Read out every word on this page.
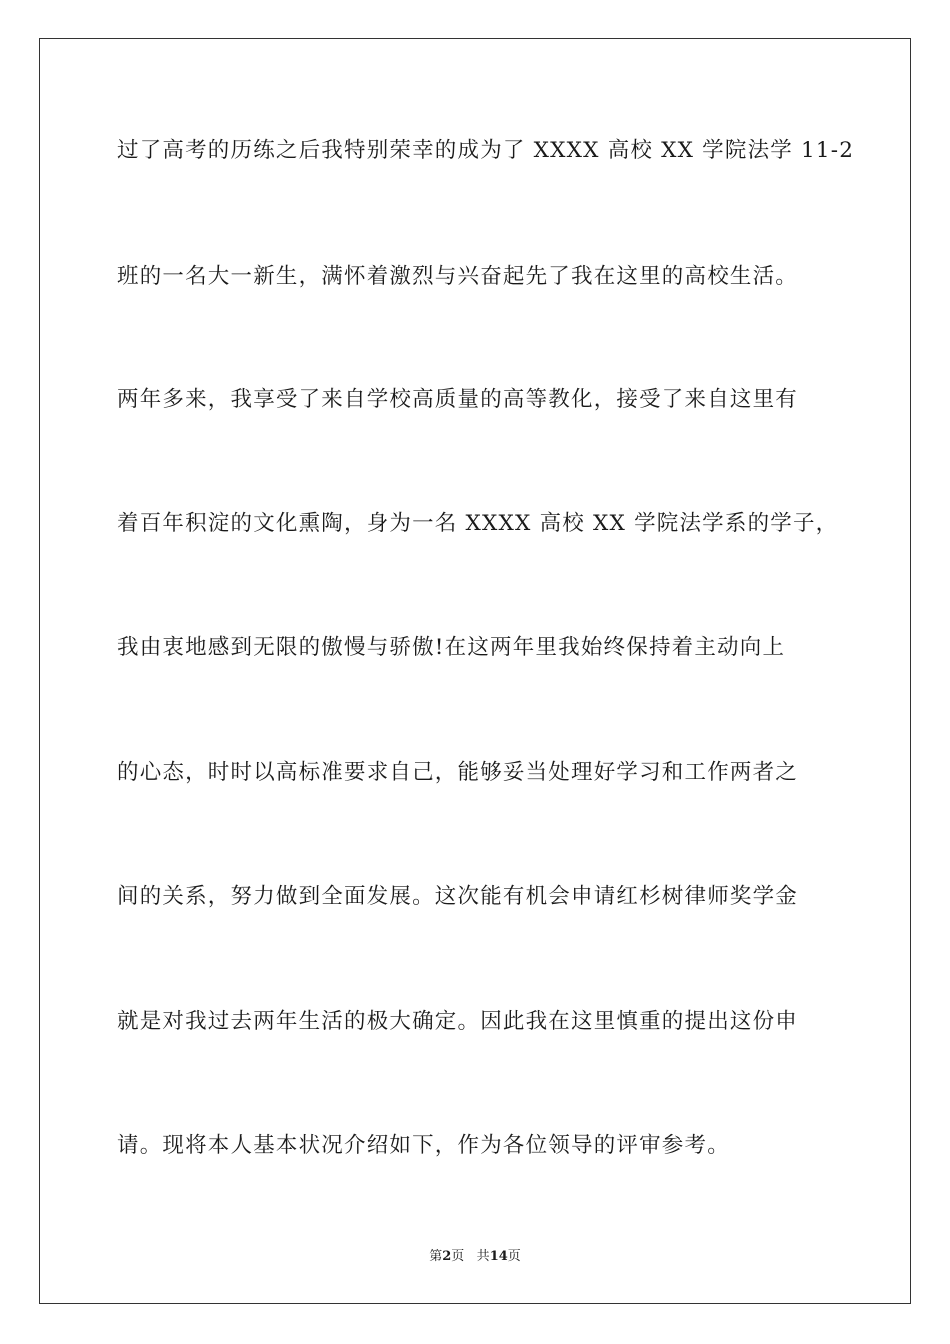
过了高考的历练之后我特别荣幸的成为了 XXXX 高校 XX 学院法学 11-2
班的一名大一新生，满怀着激烈与兴奋起先了我在这里的高校生活。
两年多来，我享受了来自学校高质量的高等教化，接受了来自这里有
着百年积淀的文化熏陶，身为一名 XXXX 高校 XX 学院法学系的学子，
我由衷地感到无限的傲慢与骄傲!在这两年里我始终保持着主动向上
的心态，时时以高标准要求自己，能够妥当处理好学习和工作两者之
间的关系，努力做到全面发展。这次能有机会申请红杉树律师奖学金
就是对我过去两年生活的极大确定。因此我在这里慎重的提出这份申
请。现将本人基本状况介绍如下，作为各位领导的评审参考。
第2页 共14页
